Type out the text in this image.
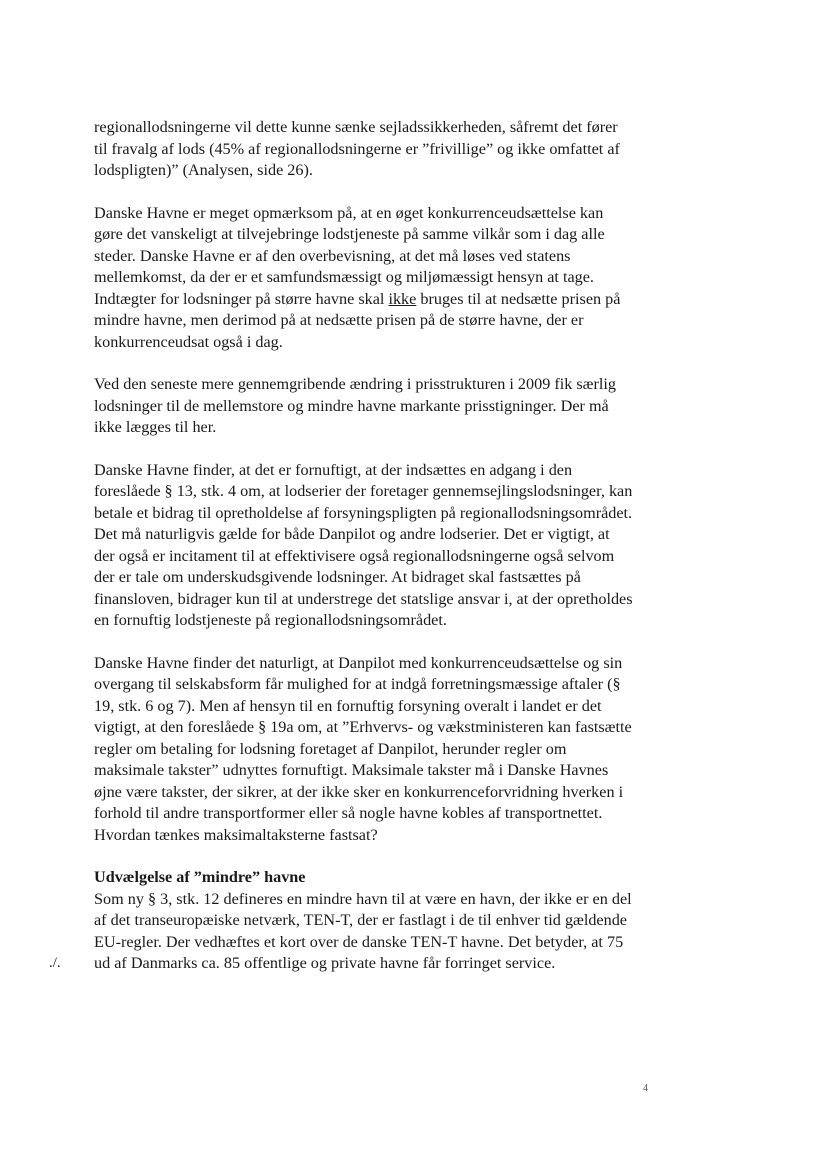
regionallodsningerne vil dette kunne sænke sejladssikkerheden, såfremt det fører til fravalg af lods (45% af regionallodsningerne er ”frivillige” og ikke omfattet af lodspligten)” (Analysen, side 26).

Danske Havne er meget opmærksom på, at en øget konkurrenceudsættelse kan gøre det vanskeligt at tilvejebringe lodstjeneste på samme vilkår som i dag alle steder. Danske Havne er af den overbevisning, at det må løses ved statens mellemkomst, da der er et samfundsmæssigt og miljømæssigt hensyn at tage. Indtægter for lodsninger på større havne skal ikke bruges til at nedsætte prisen på mindre havne, men derimod på at nedsætte prisen på de større havne, der er konkurrenceudsat også i dag.

Ved den seneste mere gennemgribende ændring i prisstrukturen i 2009 fik særlig lodsninger til de mellemstore og mindre havne markante prisstigninger. Der må ikke lægges til her.

Danske Havne finder, at det er fornuftigt, at der indsættes en adgang i den foreslåede § 13, stk. 4 om, at lodserier der foretager gennemsejlingslodsninger, kan betale et bidrag til opretholdelse af forsyningspligten på regionallodsningsområdet. Det må naturligvis gælde for både Danpilot og andre lodserier. Det er vigtigt, at der også er incitament til at effektivisere også regionallodsningerne også selvom der er tale om underskudsgivende lodsninger. At bidraget skal fastsættes på finansloven, bidrager kun til at understrege det statslige ansvar i, at der opretholdes en fornuftig lodstjeneste på regionallodsningsområdet.

Danske Havne finder det naturligt, at Danpilot med konkurrenceudsættelse og sin overgang til selskabsform får mulighed for at indgå forretningsmæssige aftaler (§ 19, stk. 6 og 7). Men af hensyn til en fornuftig forsyning overalt i landet er det vigtigt, at den foreslåede § 19a om, at ”Erhvervs- og vækstministeren kan fastsætte regler om betaling for lodsning foretaget af Danpilot, herunder regler om maksimale takster” udnyttes fornuftigt. Maksimale takster må i Danske Havnes øjne være takster, der sikrer, at der ikke sker en konkurrenceforvridning hverken i forhold til andre transportformer eller så nogle havne kobles af transportnettet. Hvordan tænkes maksimaltaksterne fastsat?

Udvælgelse af ”mindre” havne

Som ny § 3, stk. 12 defineres en mindre havn til at være en havn, der ikke er en del af det transeuropæiske netværk, TEN-T, der er fastlagt i de til enhver tid gældende EU-regler. Der vedhæftes et kort over de danske TEN-T havne. Det betyder, at 75 ud af Danmarks ca. 85 offentlige og private havne får forringet service.

./.
4
